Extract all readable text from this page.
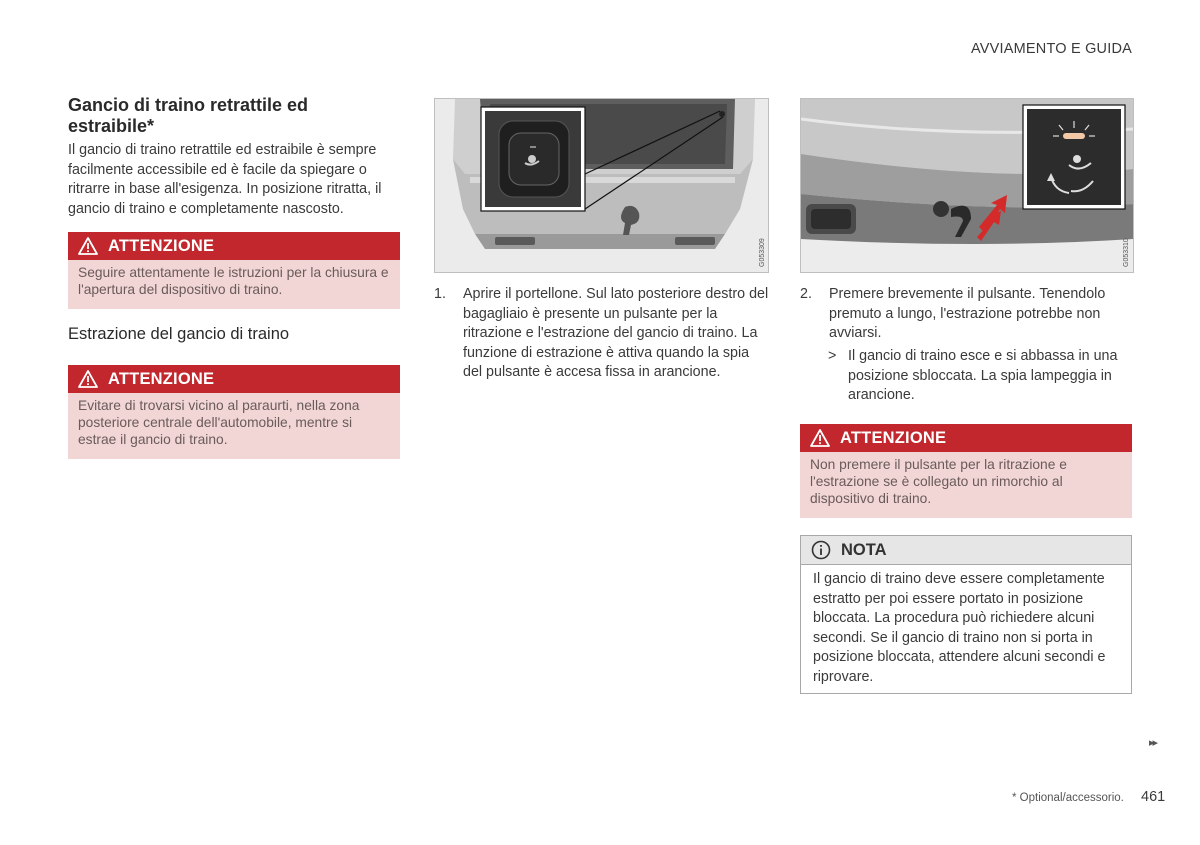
AVVIAMENTO E GUIDA
Gancio di traino retrattile ed estraibile*
Il gancio di traino retrattile ed estraibile è sempre facilmente accessibile ed è facile da spiegare o ritrarre in base all'esigenza. In posizione ritratta, il gancio di traino e completamente nascosto.
ATTENZIONE
Seguire attentamente le istruzioni per la chiusura e l'apertura del dispositivo di traino.
Estrazione del gancio di traino
ATTENZIONE
Evitare di trovarsi vicino al paraurti, nella zona posteriore centrale dell'automobile, mentre si estrae il gancio di traino.
G053309	G053310
1. Aprire il portellone. Sul lato posteriore destro del bagagliaio è presente un pulsante per la ritrazione e l'estrazione del gancio di traino. La funzione di estrazione è attiva quando la spia del pulsante è accesa fissa in arancione.
2. Premere brevemente il pulsante. Tenendolo premuto a lungo, l'estrazione potrebbe non avviarsi.
> Il gancio di traino esce e si abbassa in una posizione sbloccata. La spia lampeggia in arancione.
ATTENZIONE
Non premere il pulsante per la ritrazione e l'estrazione se è collegato un rimorchio al dispositivo di traino.
NOTA
Il gancio di traino deve essere completamente estratto per poi essere portato in posizione bloccata. La procedura può richiedere alcuni secondi. Se il gancio di traino non si porta in posizione bloccata, attendere alcuni secondi e riprovare.
▸▸
* Optional/accessorio. 461
